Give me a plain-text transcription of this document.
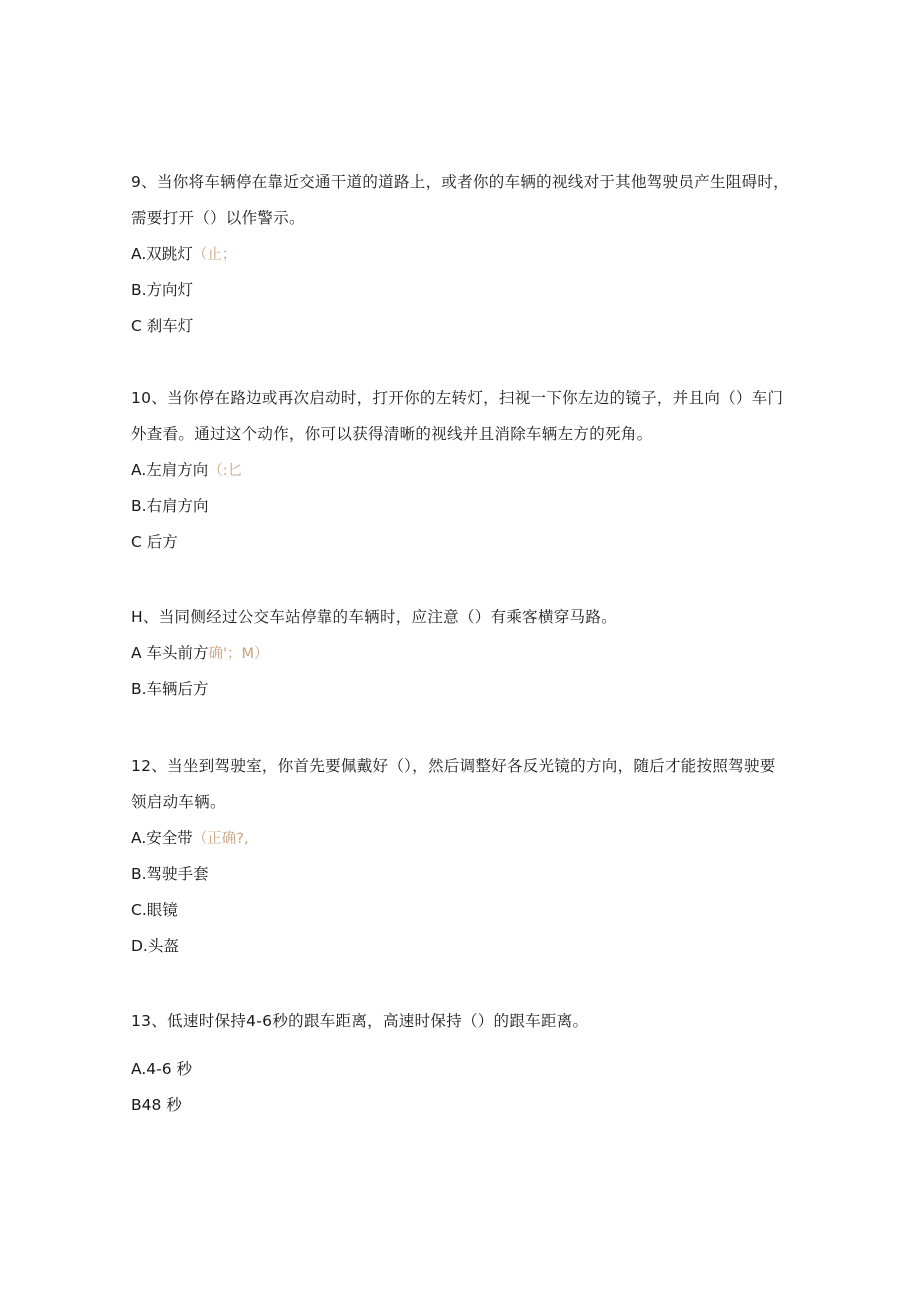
9、当你将车辆停在靠近交通干道的道路上，或者你的车辆的视线对于其他驾驶员产生阻碍时，需要打开（）以作警示。

A.双跳灯（止；
B.方向灯
C 刹车灯

10、当你停在路边或再次启动时，打开你的左转灯，扫视一下你左边的镜子，并且向（）车门外查看。通过这个动作，你可以获得清晰的视线并且消除车辆左方的死角。

A.左肩方向（:匕
B.右肩方向
C 后方

H、当同侧经过公交车站停靠的车辆时，应注意（）有乘客横穿马路。

A 车头前方确'；M）
B.车辆后方

12、当坐到驾驶室，你首先要佩戴好（），然后调整好各反光镜的方向，随后才能按照驾驶要领启动车辆。

A.安全带（正确?,
B.驾驶手套
C.眼镜
D.头盔

13、低速时保持4-6秒的跟车距离，高速时保持（）的跟车距离。

A.4-6 秒
B48 秒
